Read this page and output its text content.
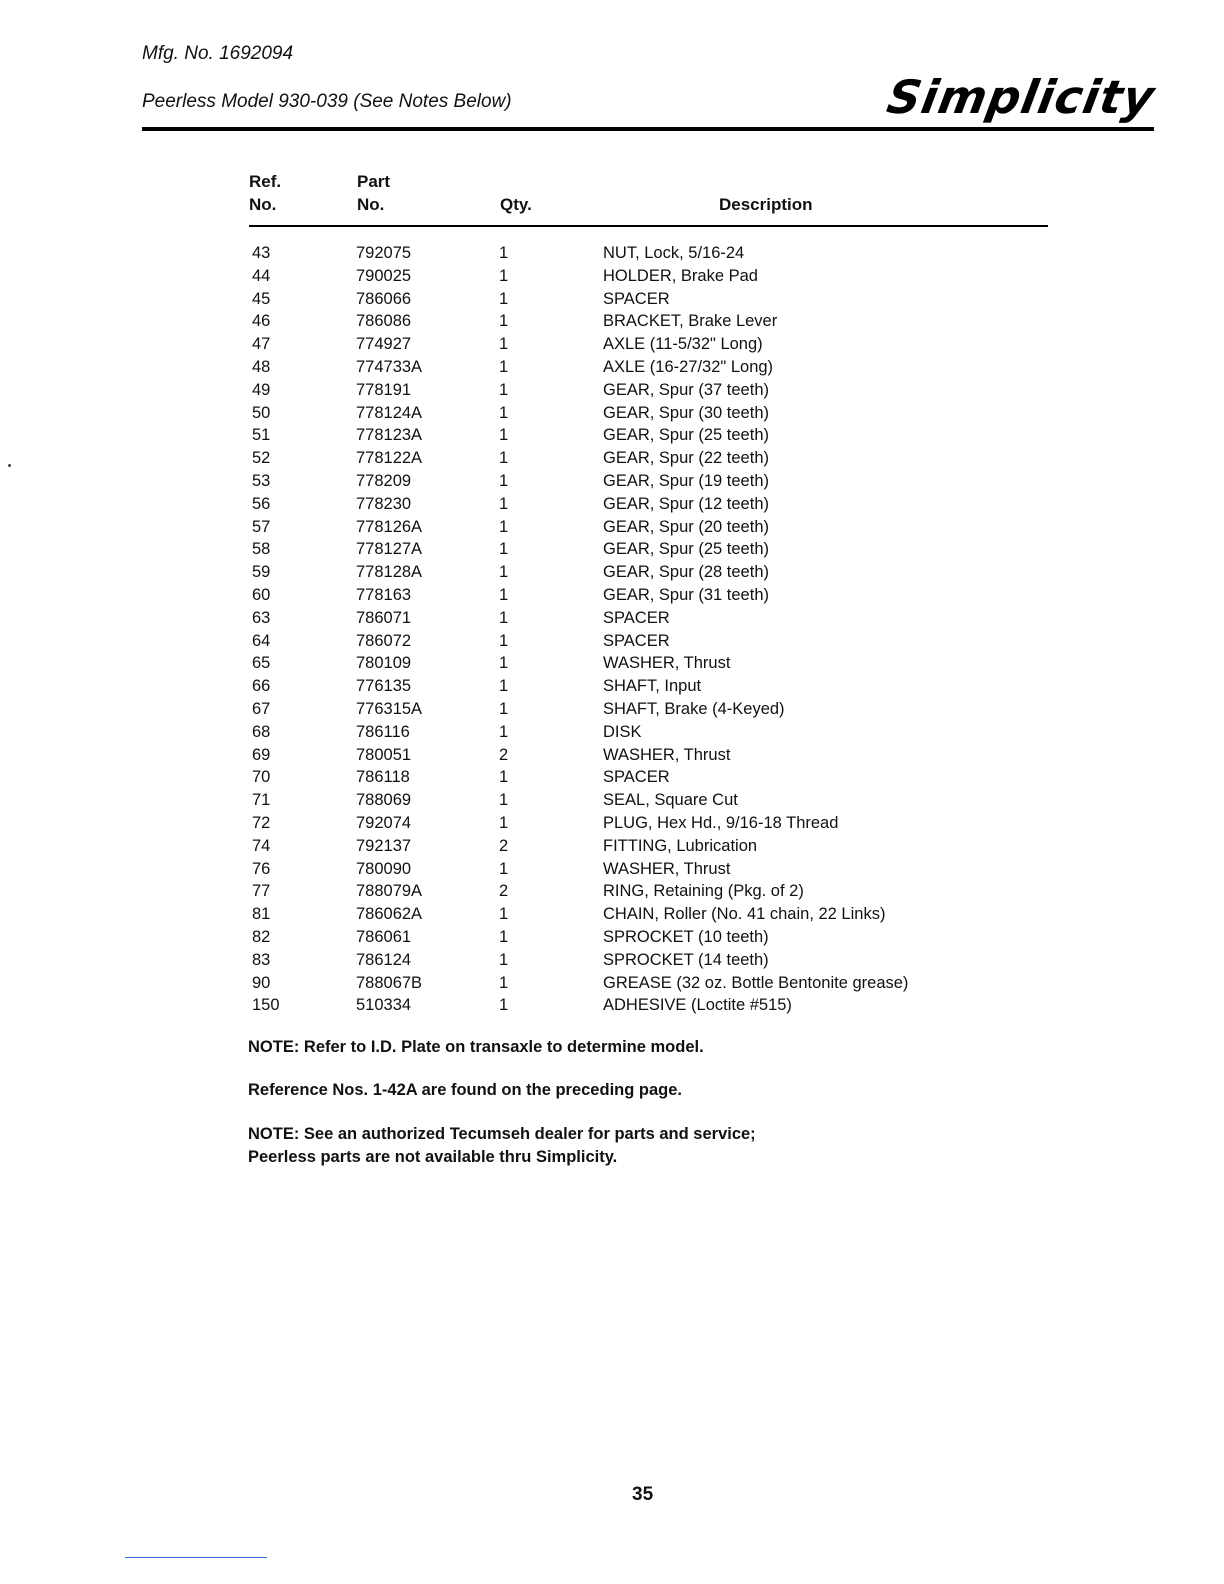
Mfg. No. 1692094
Peerless Model 930-039 (See Notes Below)	Simplicity
Ref.
No.
Part
No.	Qty.	Description
43	792075	1	NUT, Lock, 5/16-24
44	790025	1	HOLDER, Brake Pad
45	786066	1	SPACER
46	786086	1	BRACKET, Brake Lever
47	774927	1	AXLE (11-5/32" Long)
48	774733A	1	AXLE (16-27/32" Long)
49	778191	1	GEAR, Spur (37 teeth)
50	778124A	1	GEAR, Spur (30 teeth)
51	778123A	1	GEAR, Spur (25 teeth)
52	778122A	1	GEAR, Spur (22 teeth)
53	778209	1	GEAR, Spur (19 teeth)
56	778230	1	GEAR, Spur (12 teeth)
57	778126A	1	GEAR, Spur (20 teeth)
58	778127A	1	GEAR, Spur (25 teeth)
59	778128A	1	GEAR, Spur (28 teeth)
60	778163	1	GEAR, Spur (31 teeth)
63	786071	1	SPACER
64	786072	1	SPACER
65	780109	1	WASHER, Thrust
66	776135	1	SHAFT, Input
67	776315A	1	SHAFT, Brake (4-Keyed)
68	786116	1	DISK
69	780051	2	WASHER, Thrust
70	786118	1	SPACER
71	788069	1	SEAL, Square Cut
72	792074	1	PLUG, Hex Hd., 9/16-18 Thread
74	792137	2	FITTING, Lubrication
76	780090	1	WASHER, Thrust
77	788079A	2	RING, Retaining (Pkg. of 2)
81	786062A	1	CHAIN, Roller (No. 41 chain, 22 Links)
82	786061	1	SPROCKET (10 teeth)
83	786124	1	SPROCKET (14 teeth)
90	788067B	1	GREASE (32 oz. Bottle Bentonite grease)
150	510334	1	ADHESIVE (Loctite #515)
NOTE: Refer to I.D. Plate on transaxle to determine model.
Reference Nos. 1-42A are found on the preceding page.
NOTE: See an authorized Tecumseh dealer for parts and service; Peerless parts are not available thru Simplicity.
35
